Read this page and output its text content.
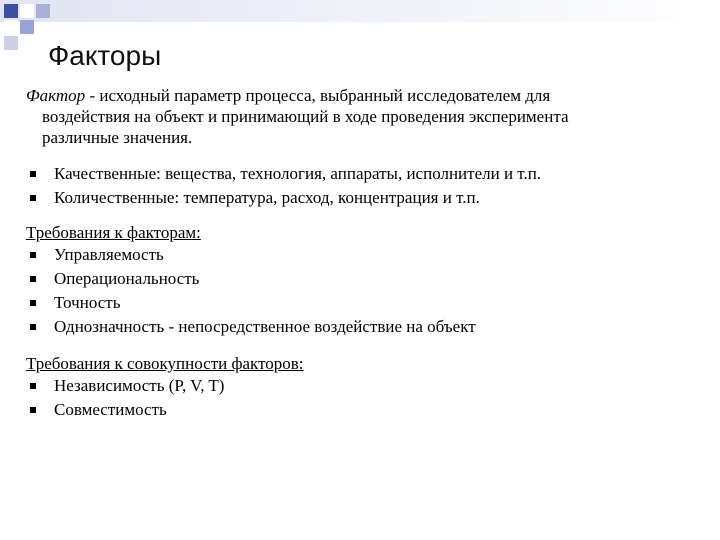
Факторы

Фактор - исходный параметр процесса, выбранный исследователем для
воздействия на объект и принимающий в ходе проведения эксперимента
различные значения.

Качественные: вещества, технология, аппараты, исполнители и т.п.
Количественные: температура, расход, концентрация и т.п.
Требования к факторам:
Управляемость
Операциональность
Точность
Однозначность - непосредственное воздействие на объект
Требования к совокупности факторов:
Независимость (P, V, T)
Совместимость
